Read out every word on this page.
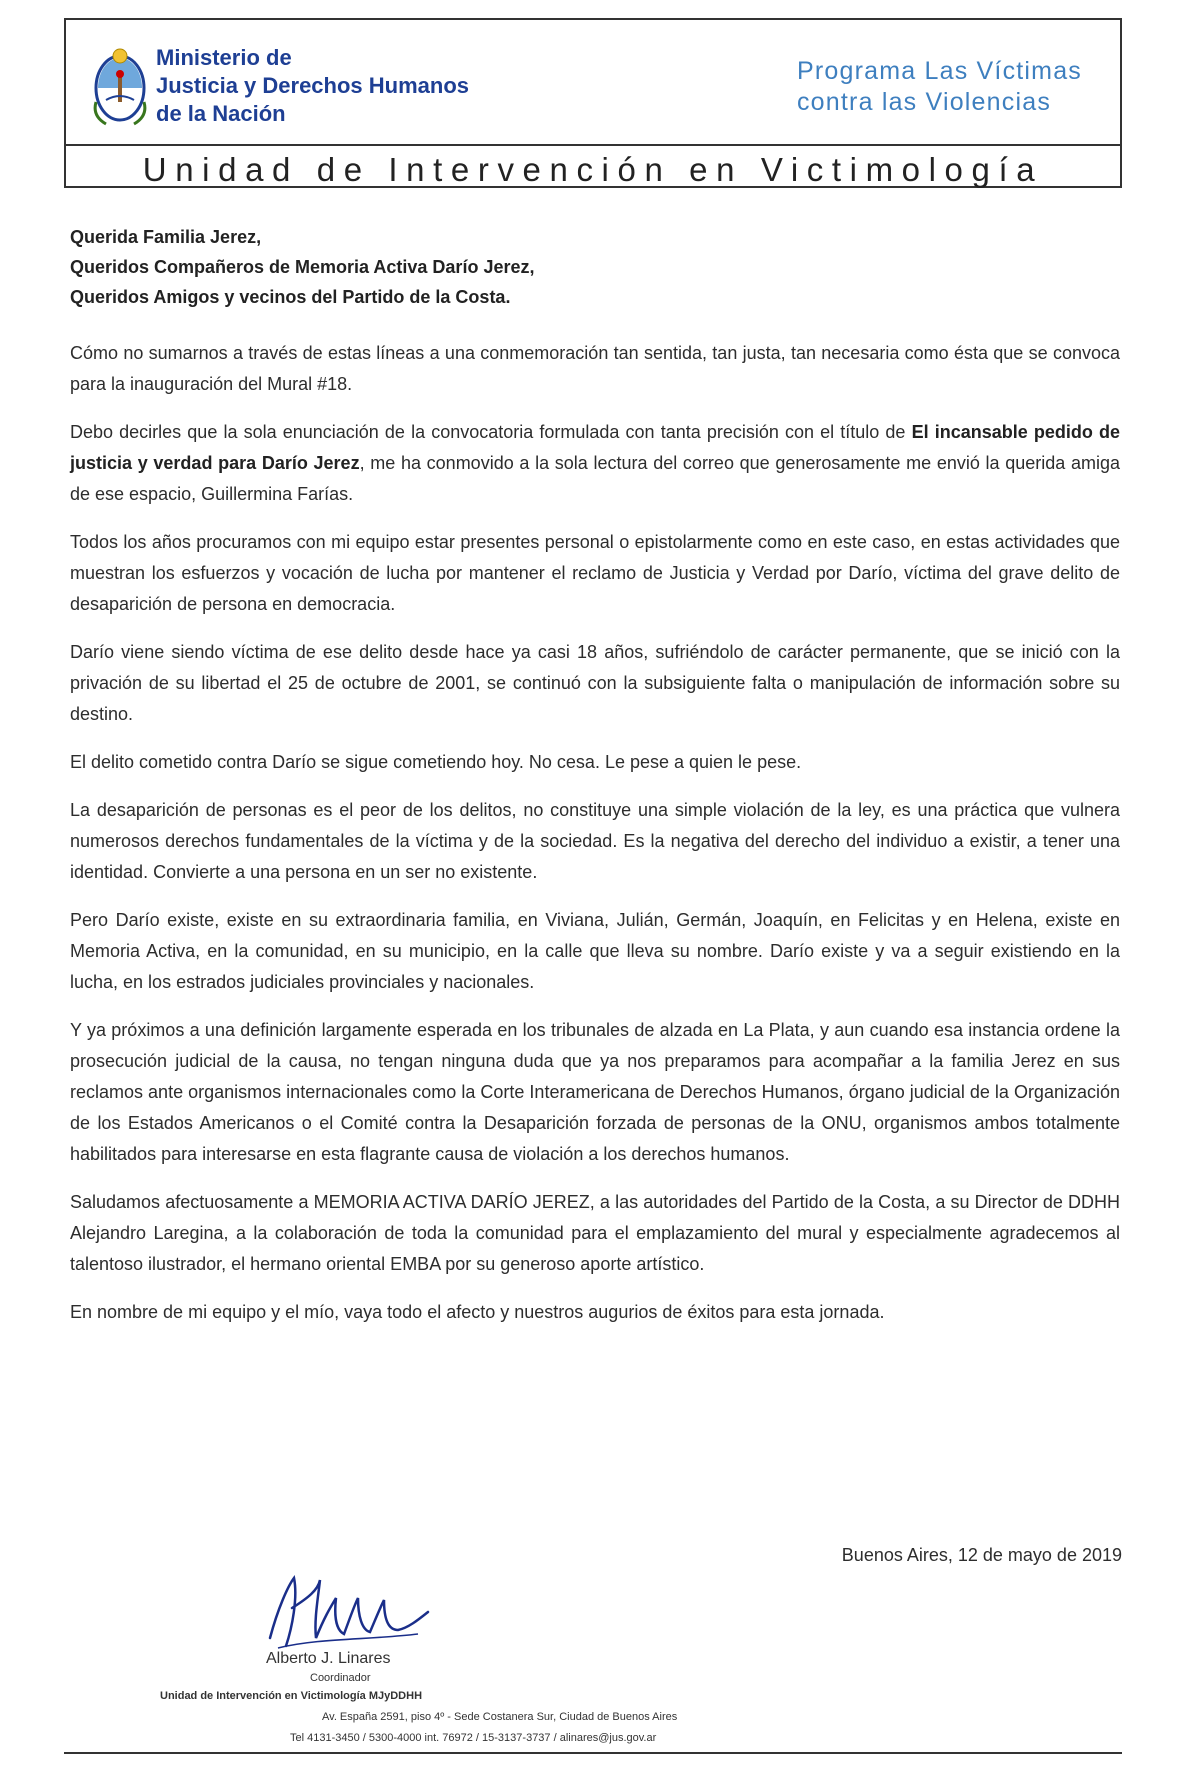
Ministerio de
Justicia y Derechos Humanos
de la Nación
Programa Las Víctimas
contra las Violencias
Unidad de Intervención en Victimología
Querida Familia Jerez,
Queridos Compañeros de Memoria Activa Darío Jerez,
Queridos Amigos y vecinos del Partido de la Costa.

Cómo no sumarnos a través de estas líneas a una conmemoración tan sentida, tan justa, tan necesaria como ésta que se convoca para la inauguración del Mural #18.

Debo decirles que la sola enunciación de la convocatoria formulada con tanta precisión con el título de El incansable pedido de justicia y verdad para Darío Jerez, me ha conmovido a la sola lectura del correo que generosamente me envió la querida amiga de ese espacio, Guillermina Farías.

Todos los años procuramos con mi equipo estar presentes personal o epistolarmente como en este caso, en estas actividades que muestran los esfuerzos y vocación de lucha por mantener el reclamo de Justicia y Verdad por Darío, víctima del grave delito de desaparición de persona en democracia.

Darío viene siendo víctima de ese delito desde hace ya casi 18 años, sufriéndolo de carácter permanente, que se inició con la privación de su libertad el 25 de octubre de 2001, se continuó con la subsiguiente falta o manipulación de información sobre su destino.

El delito cometido contra Darío se sigue cometiendo hoy. No cesa. Le pese a quien le pese.

La desaparición de personas es el peor de los delitos, no constituye una simple violación de la ley, es una práctica que vulnera numerosos derechos fundamentales de la víctima y de la sociedad. Es la negativa del derecho del individuo a existir, a tener una identidad. Convierte a una persona en un ser no existente.

Pero Darío existe, existe en su extraordinaria familia, en Viviana, Julián, Germán, Joaquín, en Felicitas y en Helena, existe en Memoria Activa, en la comunidad, en su municipio, en la calle que lleva su nombre. Darío existe y va a seguir existiendo en la lucha, en los estrados judiciales provinciales y nacionales.

Y ya próximos a una definición largamente esperada en los tribunales de alzada en La Plata, y aun cuando esa instancia ordene la prosecución judicial de la causa, no tengan ninguna duda que ya nos preparamos para acompañar a la familia Jerez en sus reclamos ante organismos internacionales como la Corte Interamericana de Derechos Humanos, órgano judicial de la Organización de los Estados Americanos o el Comité contra la Desaparición forzada de personas de la ONU, organismos ambos totalmente habilitados para interesarse en esta flagrante causa de violación a los derechos humanos.

Saludamos afectuosamente a MEMORIA ACTIVA DARÍO JEREZ, a las autoridades del Partido de la Costa, a su Director de DDHH Alejandro Laregina, a la colaboración de toda la comunidad para el emplazamiento del mural y especialmente agradecemos al talentoso ilustrador, el hermano oriental EMBA por su generoso aporte artístico.

En nombre de mi equipo y el mío, vaya todo el afecto y nuestros augurios de éxitos para esta jornada.

Buenos Aires, 12 de mayo de 2019
Alberto J. Linares
Coordinador
Unidad de Intervención en Victimología MJyDDHH
Av. España 2591, piso 4º - Sede Costanera Sur, Ciudad de Buenos Aires
Tel 4131-3450 / 5300-4000 int. 76972 / 15-3137-3737 / alinares@jus.gov.ar
